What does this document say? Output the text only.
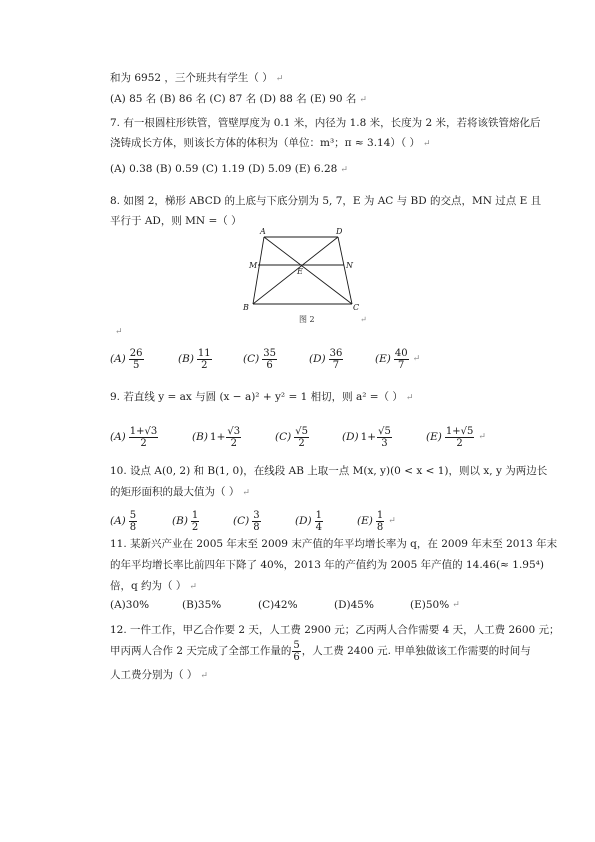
和为 6952 ，三个班共有学生（ ） ↵
(A) 85 名 (B) 86 名 (C) 87 名 (D) 88 名 (E) 90 名 ↵
7. 有一根圆柱形铁管，管壁厚度为 0.1 米，内径为 1.8 米，长度为 2 米，若将该铁管熔化后
浇铸成长方体，则该长方体的体积为（单位：m³；π ≈ 3.14）（ ） ↵
(A) 0.38 (B) 0.59 (C) 1.19 (D) 5.09 (E) 6.28 ↵
8. 如图 2，梯形 ABCD 的上底与下底分别为 5, 7，E 为 AC 与 BD 的交点，MN 过点 E 且
平行于 AD，则 MN =（ ）
A	D
M	N
E
B	C
图 2	↵
↵
$(A) \frac{26}{5}$	$(B) \frac{11}{2}$	$(C) \frac{35}{6}$	$(D) \frac{36}{7}$	$(E) \frac{40}{7}$ ↵
9. 若直线 y = ax 与圆 (x − a)² + y² = 1 相切，则 a² =（ ） ↵
$(A) \frac{1+√3}{2}$	(B) $1+ \frac{√3}{2}$	$(C) \frac{√5}{2}$	(D) $1+ \frac{√5}{3}$	$(E) \frac{1+√5}{2}$ ↵
10. 设点 A(0, 2) 和 B(1, 0)，在线段 AB 上取一点 M(x, y)(0 < x < 1)，则以 x, y 为两边长
的矩形面积的最大值为（ ） ↵
$(A) \frac{5}{8}$	$(B) \frac{1}{2}$	$(C) \frac{3}{8}$	$(D) \frac{1}{4}$	$(E) \frac{1}{8}$ ↵
11. 某新兴产业在 2005 年末至 2009 末产值的年平均增长率为 q，在 2009 年末至 2013 年末
的年平均增长率比前四年下降了 40%，2013 年的产值约为 2005 年产值的 14.46(≈ 1.95⁴)
倍，q 约为（ ） ↵
(A)30%	(B)35%	(C)42%	(D)45%	(E)50% ↵
12. 一件工作，甲乙合作要 2 天，人工费 2900 元；乙丙两人合作需要 4 天，人工费 2600 元；
甲丙两人合作 2 天完成了全部工作量的 $\frac{5}{6}$ ，人工费 2400 元. 甲单独做该工作需要的时间与
人工费分别为（ ） ↵
